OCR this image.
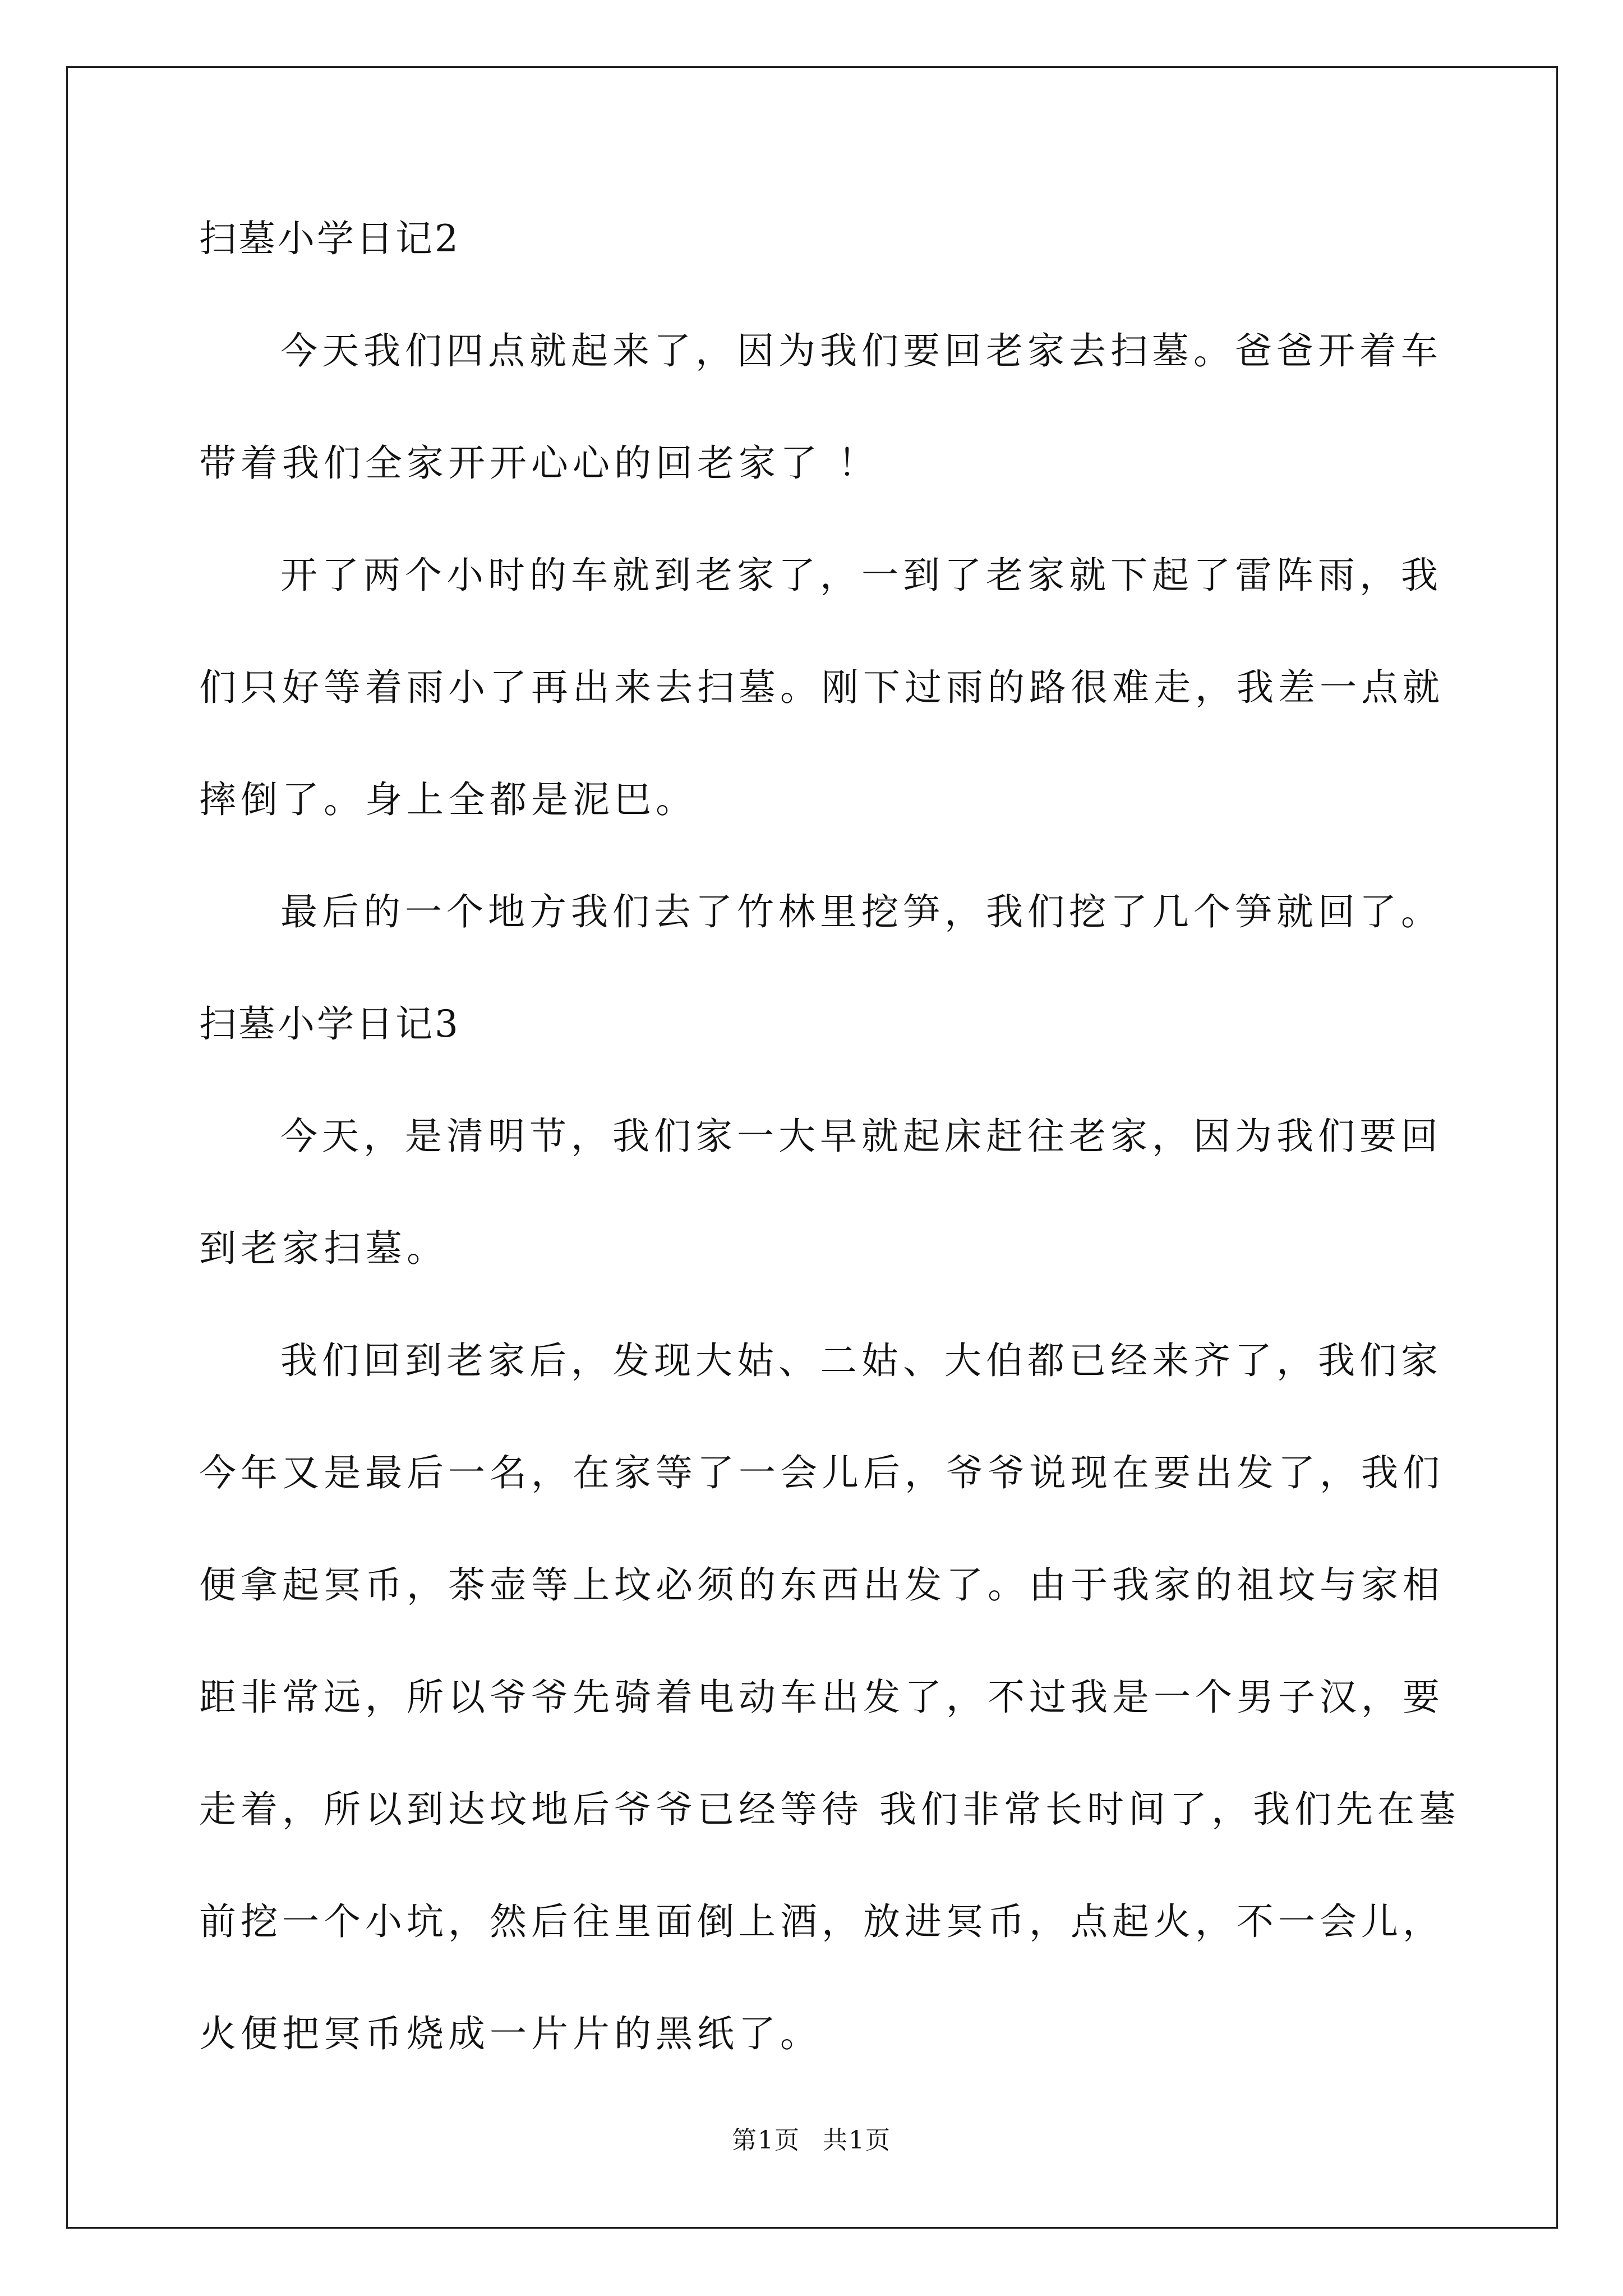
扫墓小学日记2
今天我们四点就起来了，因为我们要回老家去扫墓。爸爸开着车
带着我们全家开开心心的回老家了 ！
开了两个小时的车就到老家了，一到了老家就下起了雷阵雨，我
们只好等着雨小了再出来去扫墓。刚下过雨的路很难走，我差一点就
摔倒了。身上全都是泥巴。
最后的一个地方我们去了竹林里挖笋，我们挖了几个笋就回了。
扫墓小学日记3
今天，是清明节，我们家一大早就起床赶往老家，因为我们要回
到老家扫墓。
我们回到老家后，发现大姑、二姑、大伯都已经来齐了，我们家
今年又是最后一名，在家等了一会儿后，爷爷说现在要出发了，我们
便拿起冥币，茶壶等上坟必须的东西出发了。由于我家的祖坟与家相
距非常远，所以爷爷先骑着电动车出发了，不过我是一个男子汉，要
走着，所以到达坟地后爷爷已经等待 我们非常长时间了，我们先在墓
前挖一个小坑，然后往里面倒上酒，放进冥币，点起火，不一会儿，
火便把冥币烧成一片片的黑纸了。
第1页 共1页
